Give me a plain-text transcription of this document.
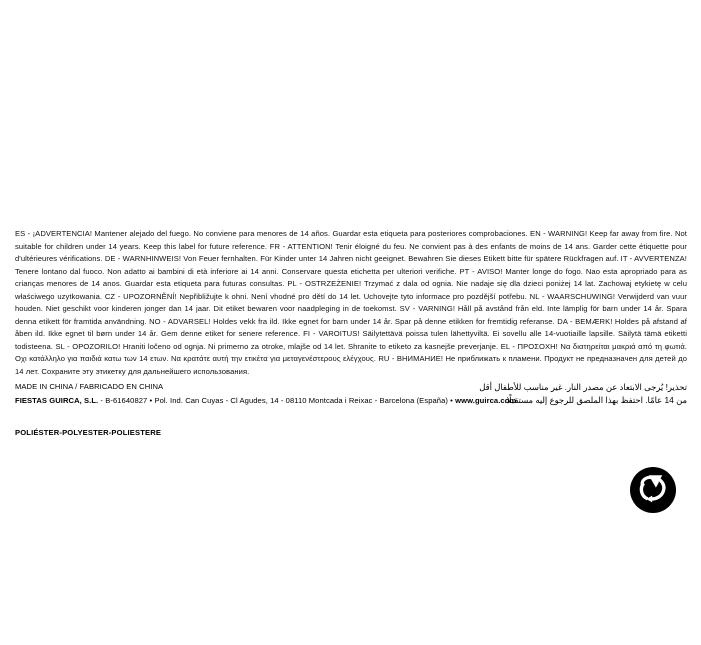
ES - ¡ADVERTENCIA! Mantener alejado del fuego. No conviene para menores de 14 años. Guardar esta etiqueta para posteriores comprobaciones. EN - WARNING! Keep far away from fire. Not suitable for children under 14 years. Keep this label for future reference. FR - ATTENTION! Tenir éloigné du feu. Ne convient pas à des enfants de moins de 14 ans. Garder cette étiquette pour d'ultérieures vérifications. DE - WARNHINWEIS! Von Feuer fernhalten. Für Kinder unter 14 Jahren nicht geeignet. Bewahren Sie dieses Etikett bitte für spätere Rückfragen auf. IT - AVVERTENZA! Tenere lontano dal fuoco. Non adatto ai bambini di età inferiore ai 14 anni. Conservare questa etichetta per ulteriori verifiche. PT - AVISO! Manter longe do fogo. Nao esta apropriado para as crianças menores de 14 anos. Guardar esta etiqueta para futuras consultas. PL - OSTRZEŻENIE! Trzymać z dala od ognia. Nie nadaje się dla dzieci poniżej 14 lat. Zachowaj etykietę w celu właściwego uzytkowania. CZ - UPOZORNĚNÍ! Nepřibližujte k ohni. Není vhodné pro dětí do 14 let. Uchovejte tyto informace pro pozdější potřebu. NL - WAARSCHUWING! Verwijderd van vuur houden. Niet geschikt voor kinderen jonger dan 14 jaar. Dit etiket bewaren voor naadpleging in de toekomst. SV - VARNING! Håll på avstånd från eld. Inte lämplig för barn under 14 år. Spara denna etikett för framtida användning. NO - ADVARSEL! Holdes vekk fra ild. Ikke egnet for barn under 14 år. Spar på denne etikken for fremtidig referanse. DA - BEMÆRK! Holdes på afstand af åben ild. Ikke egnet til børn under 14 år. Gem denne etiket for senere reference. FI - VAROITUS! Säilytettävä poissa tulen lähettyviltä. Ei sovellu alle 14-vuotiaille lapsille. Säilytä tämä etiketti todisteena. SL - OPOZORILO! Hraniti ločeno od ognja. Ni primerno za otroke, mlajše od 14 let. Shranite to etiketo za kasnejše preverjanje. EL - ΠΡΟΣΟΧΗ! Να διατηρείται μακριά από τη φωτιά. Οχι κατάλληλο για παιδιά κατω των 14 ετων. Να κρατάτε αυτή την ετικέτα για μεταγενέστερους ελέγχους. RU - ВНИМАНИЕ! Не приближать к пламени. Продукт не предназначен для детей до 14 лет. Сохраните эту этикетку для дальнейшего использования.

تحذير! يُرجى الابتعاد عن مصدر النار. غير مناسب للأطفال أقل
من 14 عامًا. احتفظ بهذا الملصق للرجوع إليه مستقبلًا.

MADE IN CHINA / FABRICADO EN CHINA

FIESTAS GUIRCA, S.L. - B-61640827 • Pol. Ind. Can Cuyas - Cl Agudes, 14 - 08110 Montcada i Reixac - Barcelona (España) • www.guirca.com

POLIÉSTER-POLYESTER-POLIESTERE
